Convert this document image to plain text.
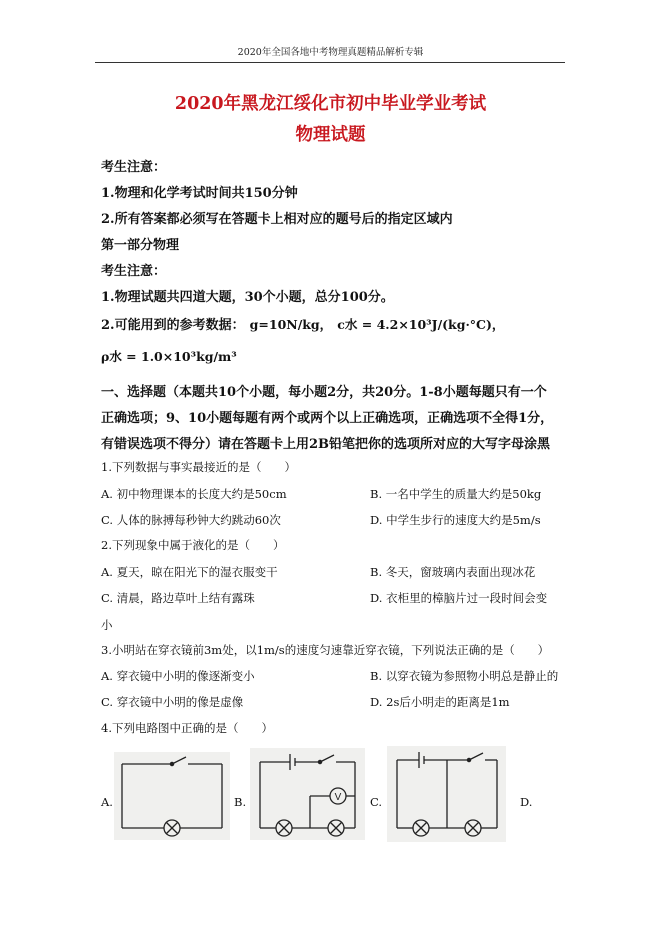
2020年全国各地中考物理真题精品解析专辑
2020年黑龙江绥化市初中毕业学业考试
物理试题
考生注意：
1.物理和化学考试时间共150分钟
2.所有答案都必须写在答题卡上相对应的题号后的指定区域内
第一部分物理
考生注意：
1.物理试题共四道大题，30个小题，总分100分。
2.可能用到的参考数据： g=10N/kg， c水 = 4.2×10³J/(kg·°C)，
ρ水 = 1.0×10³kg/m³
一、选择题（本题共10个小题，每小题2分，共20分。1-8小题每题只有一个
正确选项；9、10小题每题有两个或两个以上正确选项，正确选项不全得1分，
有错误选项不得分）请在答题卡上用2B铅笔把你的选项所对应的大写字母涂黑
1.下列数据与事实最接近的是（　　）
A. 初中物理课本的长度大约是50cm	B. 一名中学生的质量大约是50kg
C. 人体的脉搏每秒钟大约跳动60次	D. 中学生步行的速度大约是5m/s
2.下列现象中属于液化的是（　　）
A. 夏天，晾在阳光下的湿衣服变干	B. 冬天，窗玻璃内表面出现冰花
C. 清晨，路边草叶上结有露珠	D. 衣柜里的樟脑片过一段时间会变
小
3.小明站在穿衣镜前3m处，以1m/s的速度匀速靠近穿衣镜，下列说法正确的是（　　）
A. 穿衣镜中小明的像逐渐变小	B. 以穿衣镜为参照物小明总是静止的
C. 穿衣镜中小明的像是虚像	D. 2s后小明走的距离是1m
4.下列电路图中正确的是（　　）
A.	B.	C.	D.
V
